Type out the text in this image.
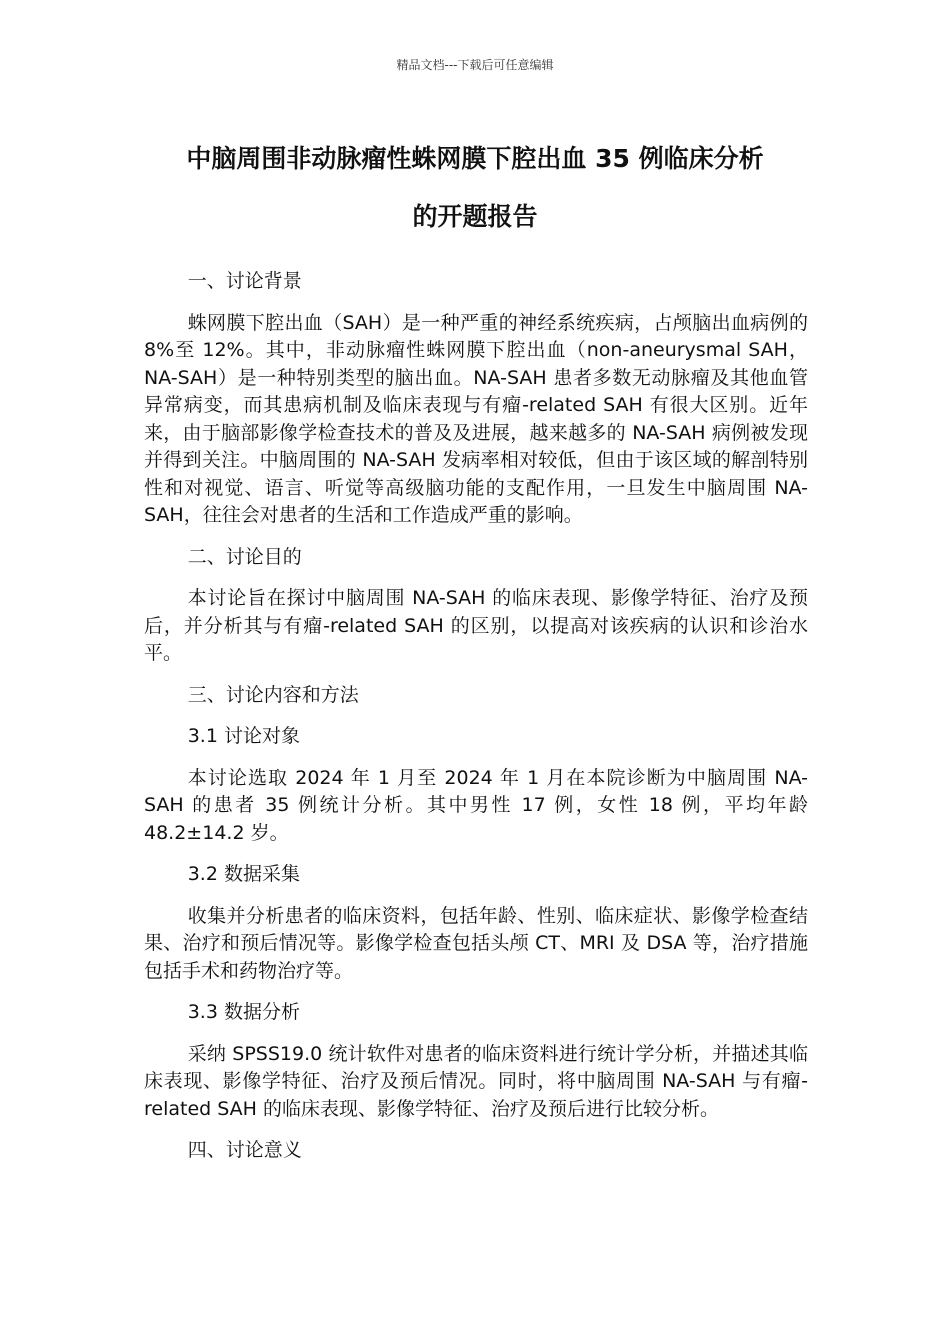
精品文档---下载后可任意编辑
中脑周围非动脉瘤性蛛网膜下腔出血 35 例临床分析
的开题报告

一、讨论背景

蛛网膜下腔出血（SAH）是一种严重的神经系统疾病，占颅脑出血病例的 8%至 12%。其中，非动脉瘤性蛛网膜下腔出血（non-aneurysmal SAH，NA-SAH）是一种特别类型的脑出血。NA-SAH 患者多数无动脉瘤及其他血管异常病变，而其患病机制及临床表现与有瘤-related SAH 有很大区别。近年来，由于脑部影像学检查技术的普及及进展，越来越多的 NA-SAH 病例被发现并得到关注。中脑周围的 NA-SAH 发病率相对较低，但由于该区域的解剖特别性和对视觉、语言、听觉等高级脑功能的支配作用，一旦发生中脑周围 NA-SAH，往往会对患者的生活和工作造成严重的影响。

二、讨论目的

本讨论旨在探讨中脑周围 NA-SAH 的临床表现、影像学特征、治疗及预后，并分析其与有瘤-related SAH 的区别，以提高对该疾病的认识和诊治水平。

三、讨论内容和方法

3.1 讨论对象

本讨论选取 2024 年 1 月至 2024 年 1 月在本院诊断为中脑周围 NA-SAH 的患者 35 例统计分析。其中男性 17 例，女性 18 例，平均年龄 48.2±14.2 岁。

3.2 数据采集

收集并分析患者的临床资料，包括年龄、性别、临床症状、影像学检查结果、治疗和预后情况等。影像学检查包括头颅 CT、MRI 及 DSA 等，治疗措施包括手术和药物治疗等。

3.3 数据分析

采纳 SPSS19.0 统计软件对患者的临床资料进行统计学分析，并描述其临床表现、影像学特征、治疗及预后情况。同时，将中脑周围 NA-SAH 与有瘤-related SAH 的临床表现、影像学特征、治疗及预后进行比较分析。

四、讨论意义
